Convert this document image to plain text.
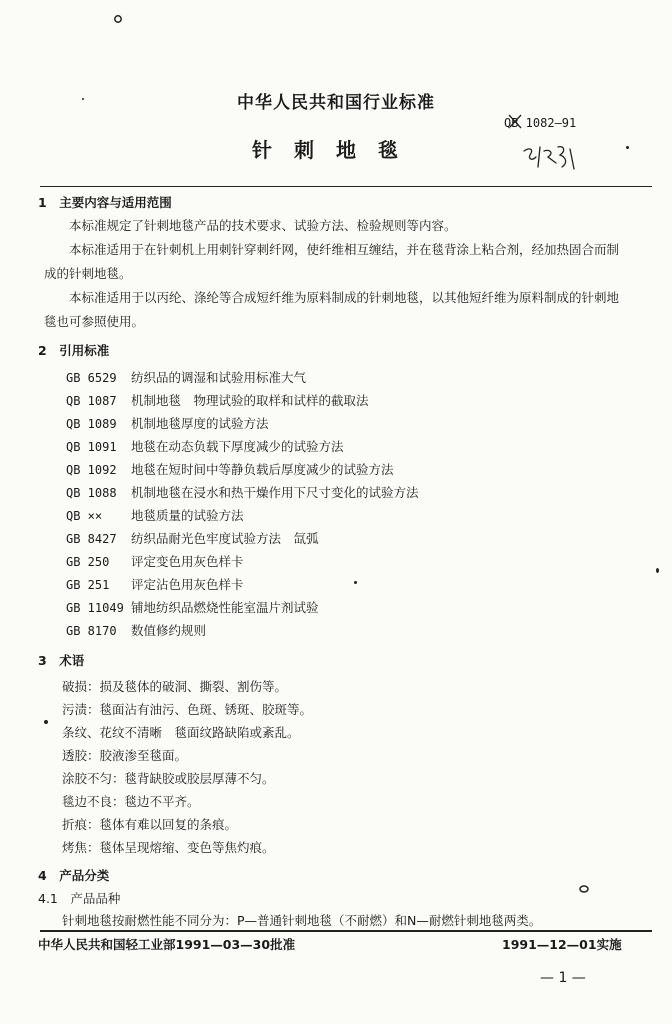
中华人民共和国行业标准
QB 1082—91
针刺地毯
1　主要内容与适用范围
本标准规定了针刺地毯产品的技术要求、试验方法、检验规则等内容。
本标准适用于在针刺机上用刺针穿刺纤网，使纤维相互缠结，并在毯背涂上粘合剂，经加热固合而制成的针刺地毯。
本标准适用于以丙纶、涤纶等合成短纤维为原料制成的针刺地毯，以其他短纤维为原料制成的针刺地毯也可参照使用。
2　引用标准
GB 6529 纺织品的调湿和试验用标准大气
QB 1087 机制地毯　物理试验的取样和试样的截取法
QB 1089 机制地毯厚度的试验方法
QB 1091 地毯在动态负载下厚度减少的试验方法
QB 1092 地毯在短时间中等静负载后厚度减少的试验方法
QB 1088 机制地毯在浸水和热干燥作用下尺寸变化的试验方法
QB ×× 地毯质量的试验方法
GB 8427 纺织品耐光色牢度试验方法　氙弧
GB 250 评定变色用灰色样卡
GB 251 评定沾色用灰色样卡
GB 11049 铺地纺织品燃烧性能室温片剂试验
GB 8170 数值修约规则
3　术语
破损：损及毯体的破洞、撕裂、割伤等。
污渍：毯面沾有油污、色斑、锈斑、胶斑等。
条纹、花纹不清晰　毯面纹路缺陷或紊乱。
透胶：胶液渗至毯面。
涂胶不匀：毯背缺胶或胶层厚薄不匀。
毯边不良：毯边不平齐。
折痕：毯体有难以回复的条痕。
烤焦：毯体呈现熔缩、变色等焦灼痕。
4　产品分类
4.1　产品品种
针刺地毯按耐燃性能不同分为：P—普通针刺地毯（不耐燃）和N—耐燃针刺地毯两类。
中华人民共和国轻工业部1991—03—30批准	1991—12—01实施
— 1 —
